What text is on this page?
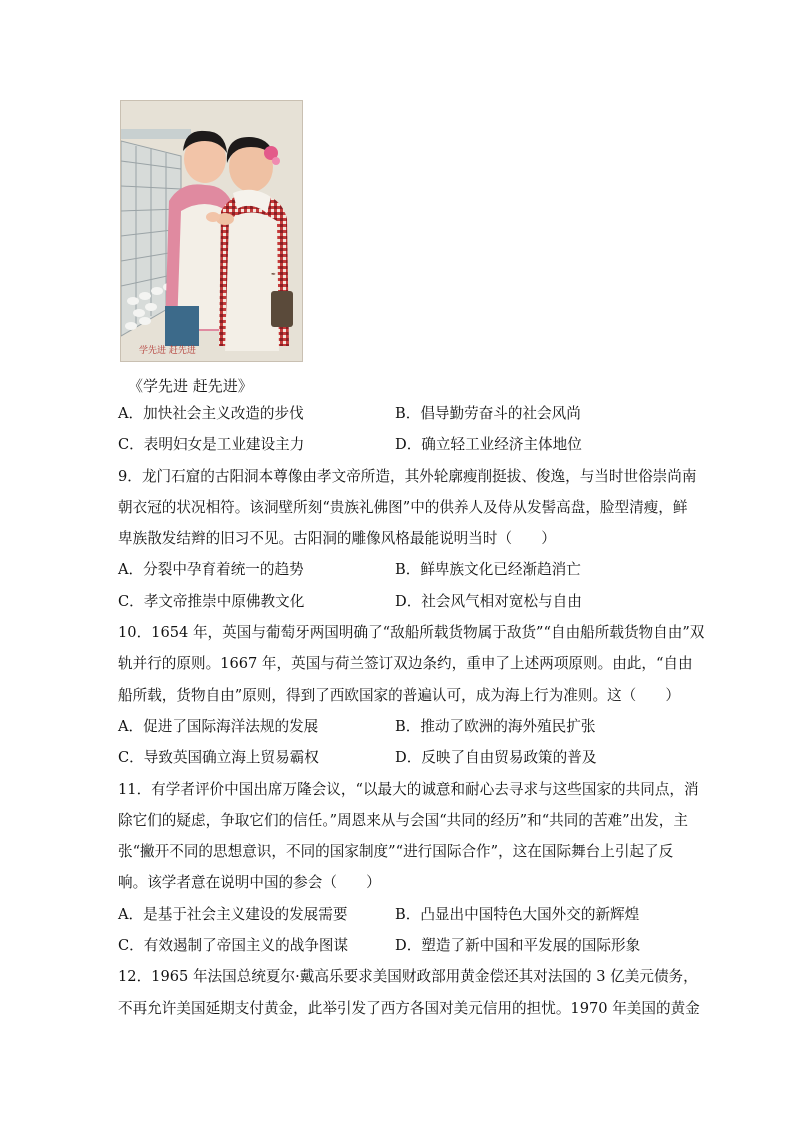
学先进 赶先进
✒
《学先进 赶先进》
A．加快社会主义改造的步伐	B．倡导勤劳奋斗的社会风尚
C．表明妇女是工业建设主力	D．确立轻工业经济主体地位
9．龙门石窟的古阳洞本尊像由孝文帝所造，其外轮廓瘦削挺拔、俊逸，与当时世俗崇尚南
朝衣冠的状况相符。该洞壁所刻“贵族礼佛图”中的供养人及侍从发髻高盘，脸型清瘦，鲜
卑族散发结辫的旧习不见。古阳洞的雕像风格最能说明当时（　　）
A．分裂中孕育着统一的趋势	B．鲜卑族文化已经渐趋消亡
C．孝文帝推崇中原佛教文化	D．社会风气相对宽松与自由
10．1654 年，英国与葡萄牙两国明确了“敌船所载货物属于敌货”“自由船所载货物自由”双
轨并行的原则。1667 年，英国与荷兰签订双边条约，重申了上述两项原则。由此，“自由
船所载，货物自由”原则，得到了西欧国家的普遍认可，成为海上行为准则。这（　　）
A．促进了国际海洋法规的发展	B．推动了欧洲的海外殖民扩张
C．导致英国确立海上贸易霸权	D．反映了自由贸易政策的普及
11．有学者评价中国出席万隆会议，“以最大的诚意和耐心去寻求与这些国家的共同点，消
除它们的疑虑，争取它们的信任。”周恩来从与会国“共同的经历”和“共同的苦难”出发，主
张“撇开不同的思想意识，不同的国家制度”“进行国际合作”，这在国际舞台上引起了反
响。该学者意在说明中国的参会（　　）
A．是基于社会主义建设的发展需要	B．凸显出中国特色大国外交的新辉煌
C．有效遏制了帝国主义的战争图谋	D．塑造了新中国和平发展的国际形象
12．1965 年法国总统夏尔·戴高乐要求美国财政部用黄金偿还其对法国的 3 亿美元债务，
不再允许美国延期支付黄金，此举引发了西方各国对美元信用的担忧。1970 年美国的黄金
